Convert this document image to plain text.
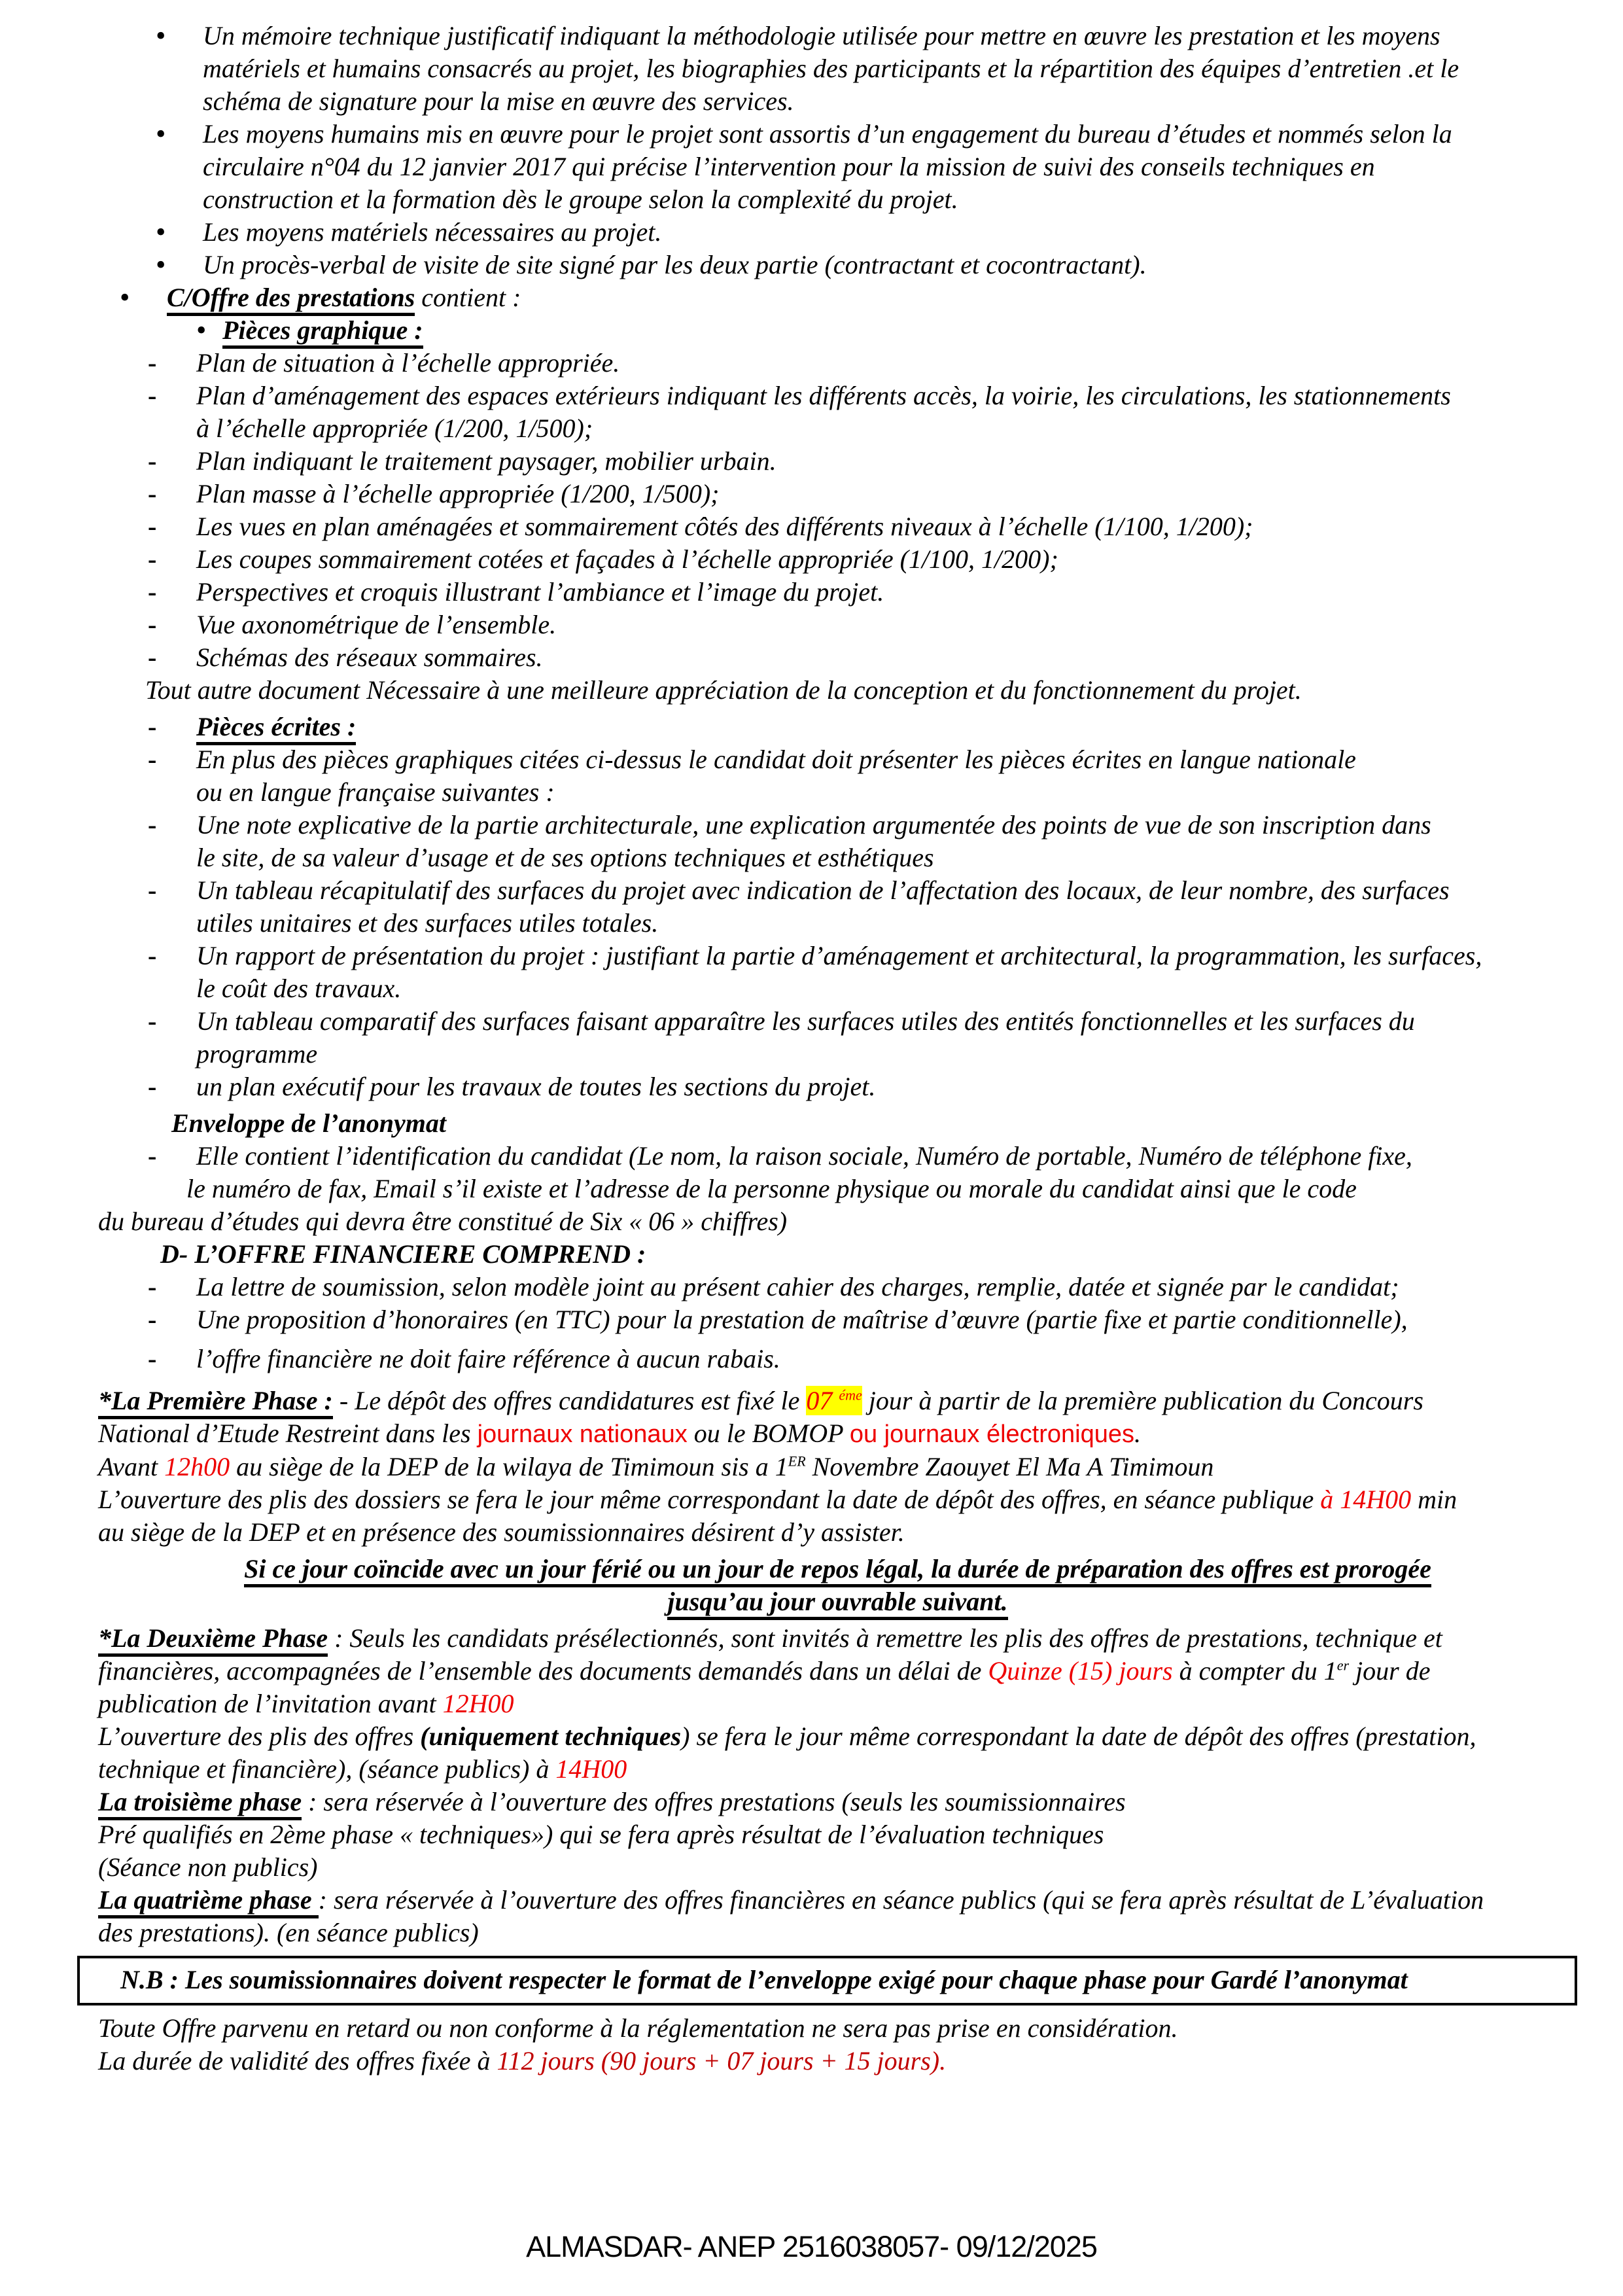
•
Un mémoire technique justificatif indiquant la méthodologie utilisée pour mettre en œuvre les prestation et les moyens
matériels et humains consacrés au projet, les biographies des participants et la répartition des équipes d’entretien .et le
schéma de signature pour la mise en œuvre des services.
•
Les moyens humains mis en œuvre pour le projet sont assortis d’un engagement du bureau d’études et nommés selon la
circulaire n°04 du 12 janvier 2017 qui précise l’intervention pour la mission de suivi des conseils techniques en
construction et la formation dès le groupe selon la complexité du projet.
•
Les moyens matériels nécessaires au projet.
•
Un procès-verbal de visite de site signé par les deux partie (contractant et cocontractant).
•
C/Offre des prestations contient :
•
Pièces graphique :
-
Plan de situation à l’échelle appropriée.
-
Plan d’aménagement des espaces extérieurs indiquant les différents accès, la voirie, les circulations, les stationnements
à l’échelle appropriée (1/200, 1/500);
-
Plan indiquant le traitement paysager, mobilier urbain.
-
Plan masse à l’échelle appropriée (1/200, 1/500);
-
Les vues en plan aménagées et sommairement côtés des différents niveaux à l’échelle (1/100, 1/200);
-
Les coupes sommairement cotées et façades à l’échelle appropriée (1/100, 1/200);
-
Perspectives et croquis illustrant l’ambiance et l’image du projet.
-
Vue axonométrique de l’ensemble.
-
Schémas des réseaux sommaires.
Tout autre document Nécessaire à une meilleure appréciation de la conception et du fonctionnement du projet.
-
Pièces écrites :
-
En plus des pièces graphiques citées ci-dessus le candidat doit présenter les pièces écrites en langue nationale
ou en langue française suivantes :
-
Une note explicative de la partie architecturale, une explication argumentée des points de vue de son inscription dans
le site, de sa valeur d’usage et de ses options techniques et esthétiques
-
Un tableau récapitulatif des surfaces du projet avec indication de l’affectation des locaux, de leur nombre, des surfaces
utiles unitaires et des surfaces utiles totales.
-
Un rapport de présentation du projet : justifiant la partie d’aménagement et architectural, la programmation, les surfaces,
le coût des travaux.
-
Un tableau comparatif des surfaces faisant apparaître les surfaces utiles des entités fonctionnelles et les surfaces du
programme
-
un plan exécutif pour les travaux de toutes les sections du projet.
Enveloppe de l’anonymat
-
Elle contient l’identification du candidat (Le nom, la raison sociale, Numéro de portable, Numéro de téléphone fixe,
le numéro de fax, Email s’il existe et l’adresse de la personne physique ou morale du candidat ainsi que le code
du bureau d’études qui devra être constitué de Six « 06 » chiffres)
D- L’OFFRE FINANCIERE COMPREND :
-
La lettre de soumission, selon modèle joint au présent cahier des charges, remplie, datée et signée par le candidat;
-
Une proposition d’honoraires (en TTC) pour la prestation de maîtrise d’œuvre (partie fixe et partie conditionnelle),
-
l’offre financière ne doit faire référence à aucun rabais.
*La Première Phase : - Le dépôt des offres candidatures est fixé le 07 $^{éme}$ jour à partir de la première publication du Concours
National d’Etude Restreint dans les journaux nationaux ou le BOMOP ou journaux électroniques.
Avant 12h00 au siège de la DEP de la wilaya de Timimoun sis a 1ER Novembre Zaouyet El Ma A Timimoun
L’ouverture des plis des dossiers se fera le jour même correspondant la date de dépôt des offres, en séance publique à 14H00 min
au siège de la DEP et en présence des soumissionnaires désirent d’y assister.
Si ce jour coïncide avec un jour férié ou un jour de repos légal, la durée de préparation des offres est prorogée
jusqu’au jour ouvrable suivant.
*La Deuxième Phase : Seuls les candidats présélectionnés, sont invités à remettre les plis des offres de prestations, technique et
financières, accompagnées de l’ensemble des documents demandés dans un délai de Quinze (15) jours à compter du 1er jour de
publication de l’invitation avant 12H00
L’ouverture des plis des offres (uniquement techniques) se fera le jour même correspondant la date de dépôt des offres (prestation,
technique et financière), (séance publics) à 14H00
La troisième phase : sera réservée à l’ouverture des offres prestations (seuls les soumissionnaires
Pré qualifiés en 2ème phase « techniques») qui se fera après résultat de l’évaluation techniques
(Séance non publics)
La quatrième phase : sera réservée à l’ouverture des offres financières en séance publics (qui se fera après résultat de L’évaluation
des prestations). (en séance publics)
N.B : Les soumissionnaires doivent respecter le format de l’enveloppe exigé pour chaque phase pour Gardé l’anonymat
Toute Offre parvenu en retard ou non conforme à la réglementation ne sera pas prise en considération.
La durée de validité des offres fixée à 112 jours (90 jours + 07 jours + 15 jours).
ALMASDAR- ANEP 2516038057- 09/12/2025
